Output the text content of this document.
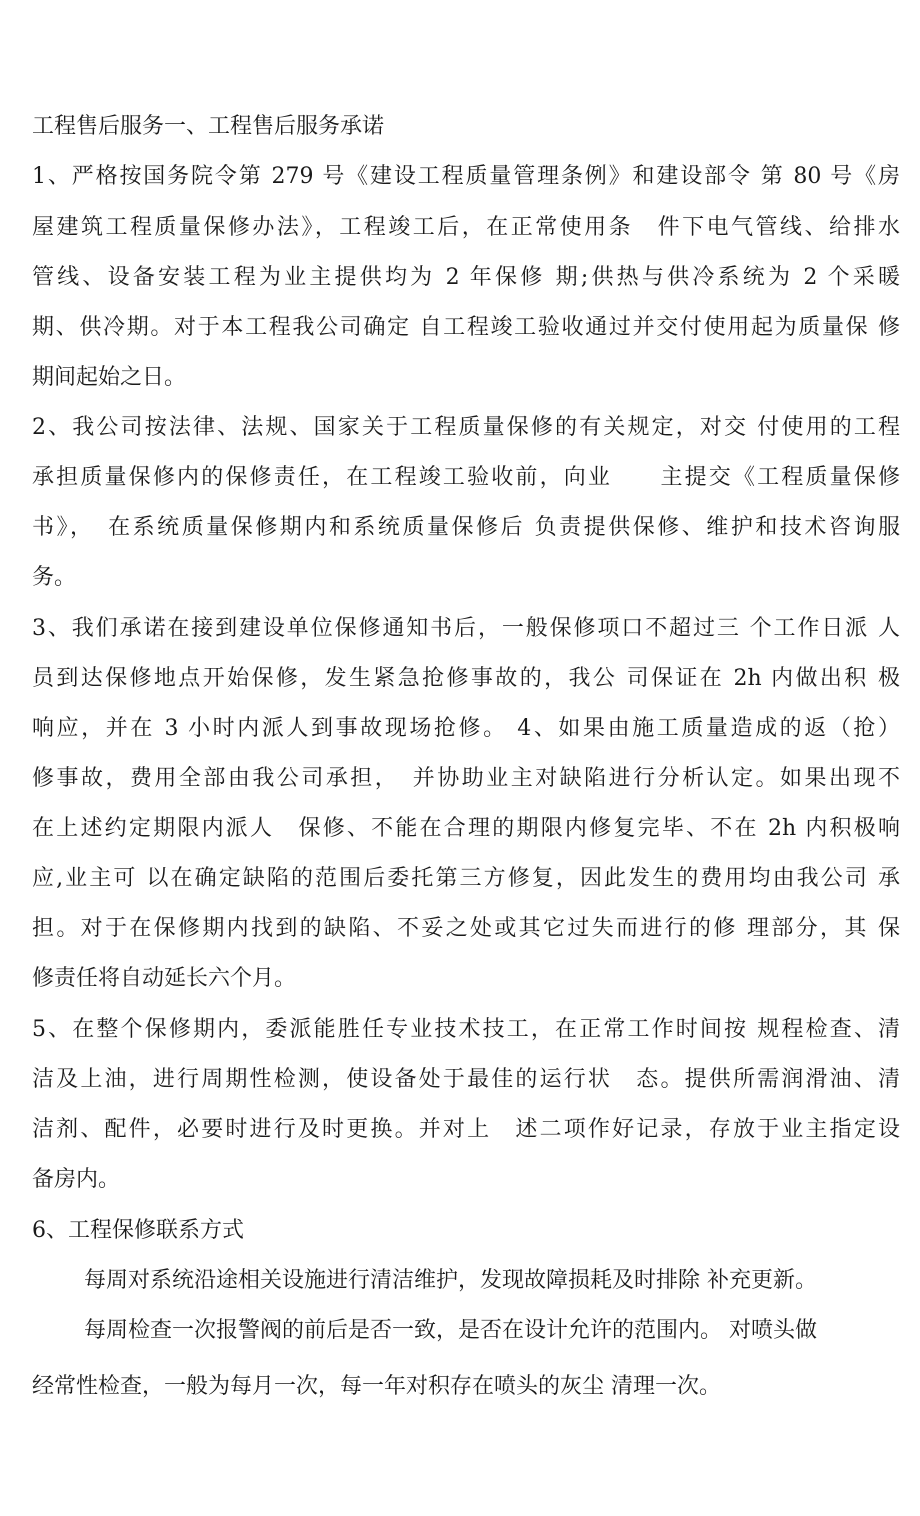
工程售后服务一、工程售后服务承诺
1、严格按国务院令第 279 号《建设工程质量管理条例》和建设部令 第 80 号《房
屋建筑工程质量保修办法》，工程竣工后，在正常使用条　件下电气管线、给排水
管线、设备安装工程为业主提供均为 2 年保修 期;供热与供冷系统为 2 个采暖
期、供冷期。对于本工程我公司确定 自工程竣工验收通过并交付使用起为质量保 修
期间起始之日。
2、我公司按法律、法规、国家关于工程质量保修的有关规定，对交 付使用的工程
承担质量保修内的保修责任，在工程竣工验收前，向业　　主提交《工程质量保修
书》，　在系统质量保修期内和系统质量保修后 负责提供保修、维护和技术咨询服
务。
3、我们承诺在接到建设单位保修通知书后，一般保修项口不超过三 个工作日派 人
员到达保修地点开始保修，发生紧急抢修事故的，我公 司保证在 2h 内做出积 极
响应，并在 3 小时内派人到事故现场抢修。 4、如果由施工质量造成的返（抢）
修事故，费用全部由我公司承担，　并协助业主对缺陷进行分析认定。如果出现不
在上述约定期限内派人　保修、不能在合理的期限内修复完毕、不在 2h 内积极响
应,业主可 以在确定缺陷的范围后委托第三方修复，因此发生的费用均由我公司 承
担。对于在保修期内找到的缺陷、不妥之处或其它过失而进行的修 理部分，其 保
修责任将自动延长六个月。
5、在整个保修期内，委派能胜任专业技术技工，在正常工作时间按 规程检查、清
洁及上油，进行周期性检测，使设备处于最佳的运行状　态。提供所需润滑油、清
洁剂、配件，必要时进行及时更换。并对上　述二项作好记录，存放于业主指定设
备房内。
6、工程保修联系方式
每周对系统沿途相关设施进行清洁维护，发现故障损耗及时排除 补充更新。
每周检查一次报警阀的前后是否一致，是否在设计允许的范围内。 对喷头做
经常性检查，一般为每月一次，每一年对积存在喷头的灰尘 清理一次。
